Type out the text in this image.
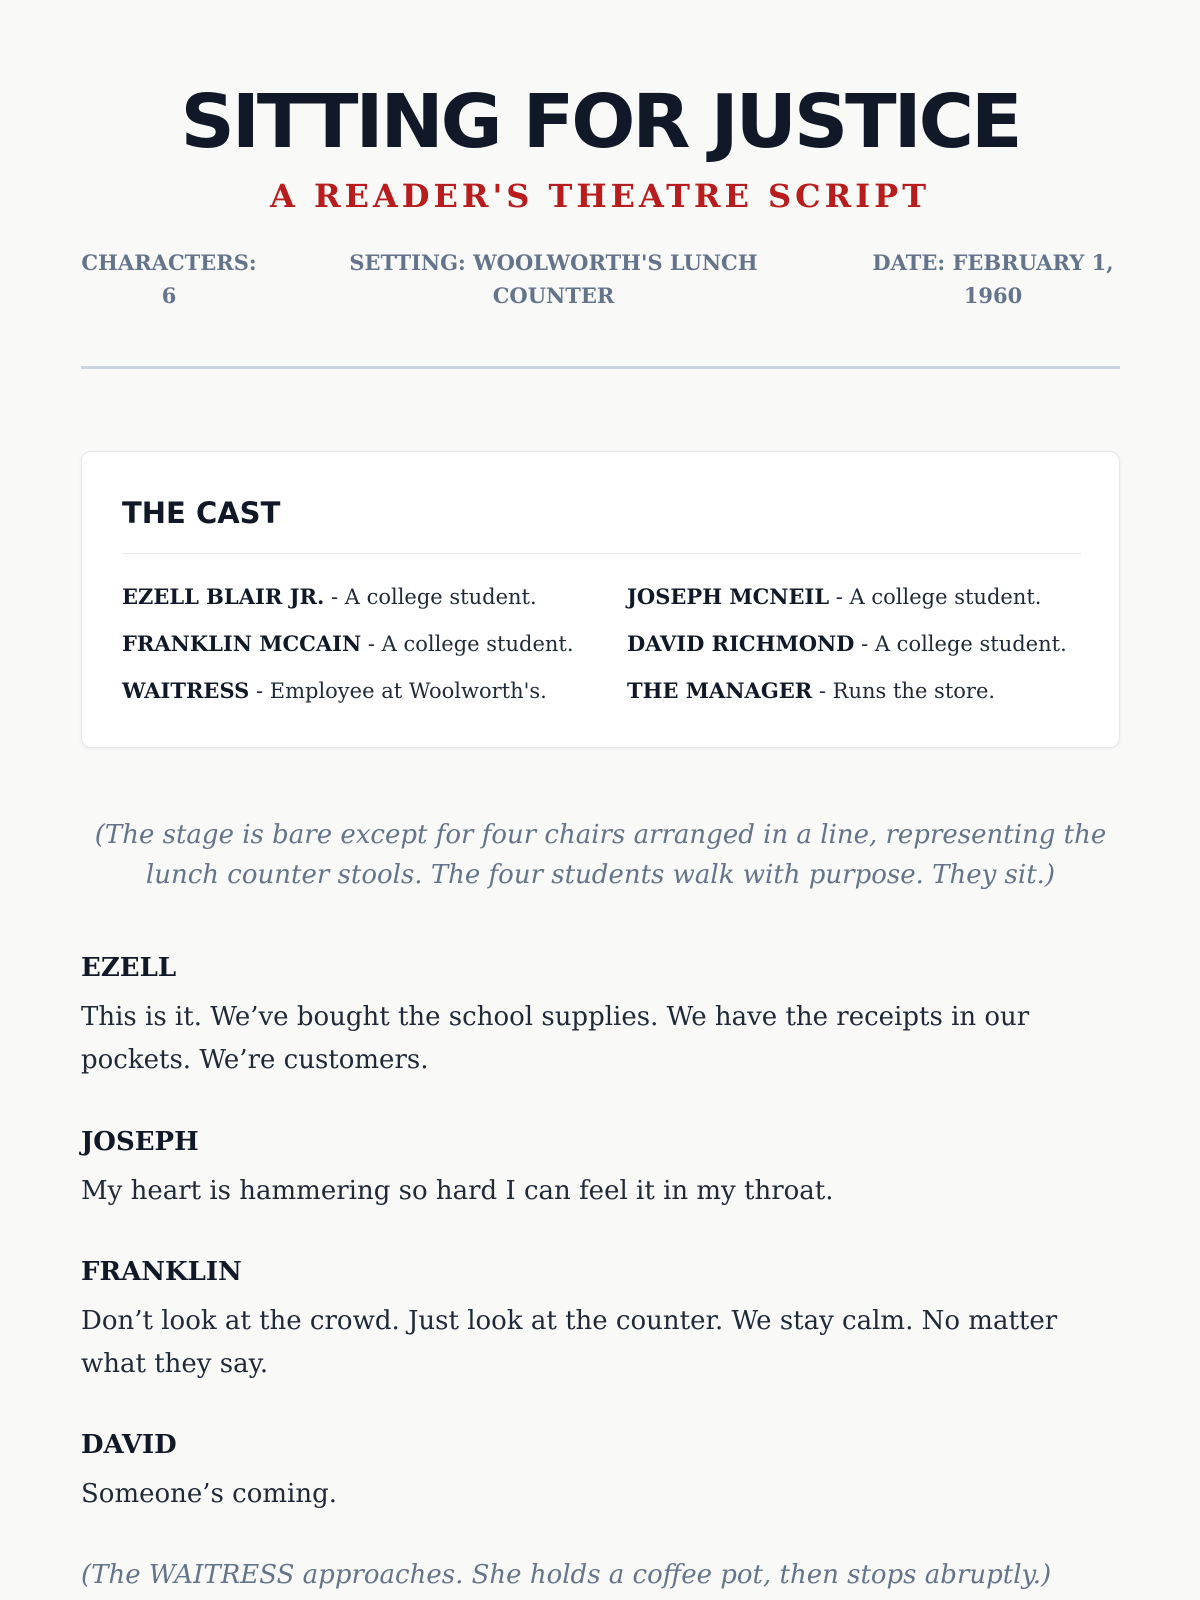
SITTING FOR JUSTICE
A READER'S THEATRE SCRIPT
CHARACTERS: 6
SETTING: WOOLWORTH'S LUNCH COUNTER
DATE: FEBRUARY 1, 1960
THE CAST
EZELL BLAIR JR. - A college student.	JOSEPH MCNEIL - A college student.
FRANKLIN MCCAIN - A college student.	DAVID RICHMOND - A college student.
WAITRESS - Employee at Woolworth's.	THE MANAGER - Runs the store.

(The stage is bare except for four chairs arranged in a line, representing the lunch counter stools. The four students walk with purpose. They sit.)

EZELL

This is it. We’ve bought the school supplies. We have the receipts in our pockets. We’re customers.

JOSEPH

My heart is hammering so hard I can feel it in my throat.

FRANKLIN

Don’t look at the crowd. Just look at the counter. We stay calm. No matter what they say.

DAVID

Someone’s coming.

(The WAITRESS approaches. She holds a coffee pot, then stops abruptly.)
